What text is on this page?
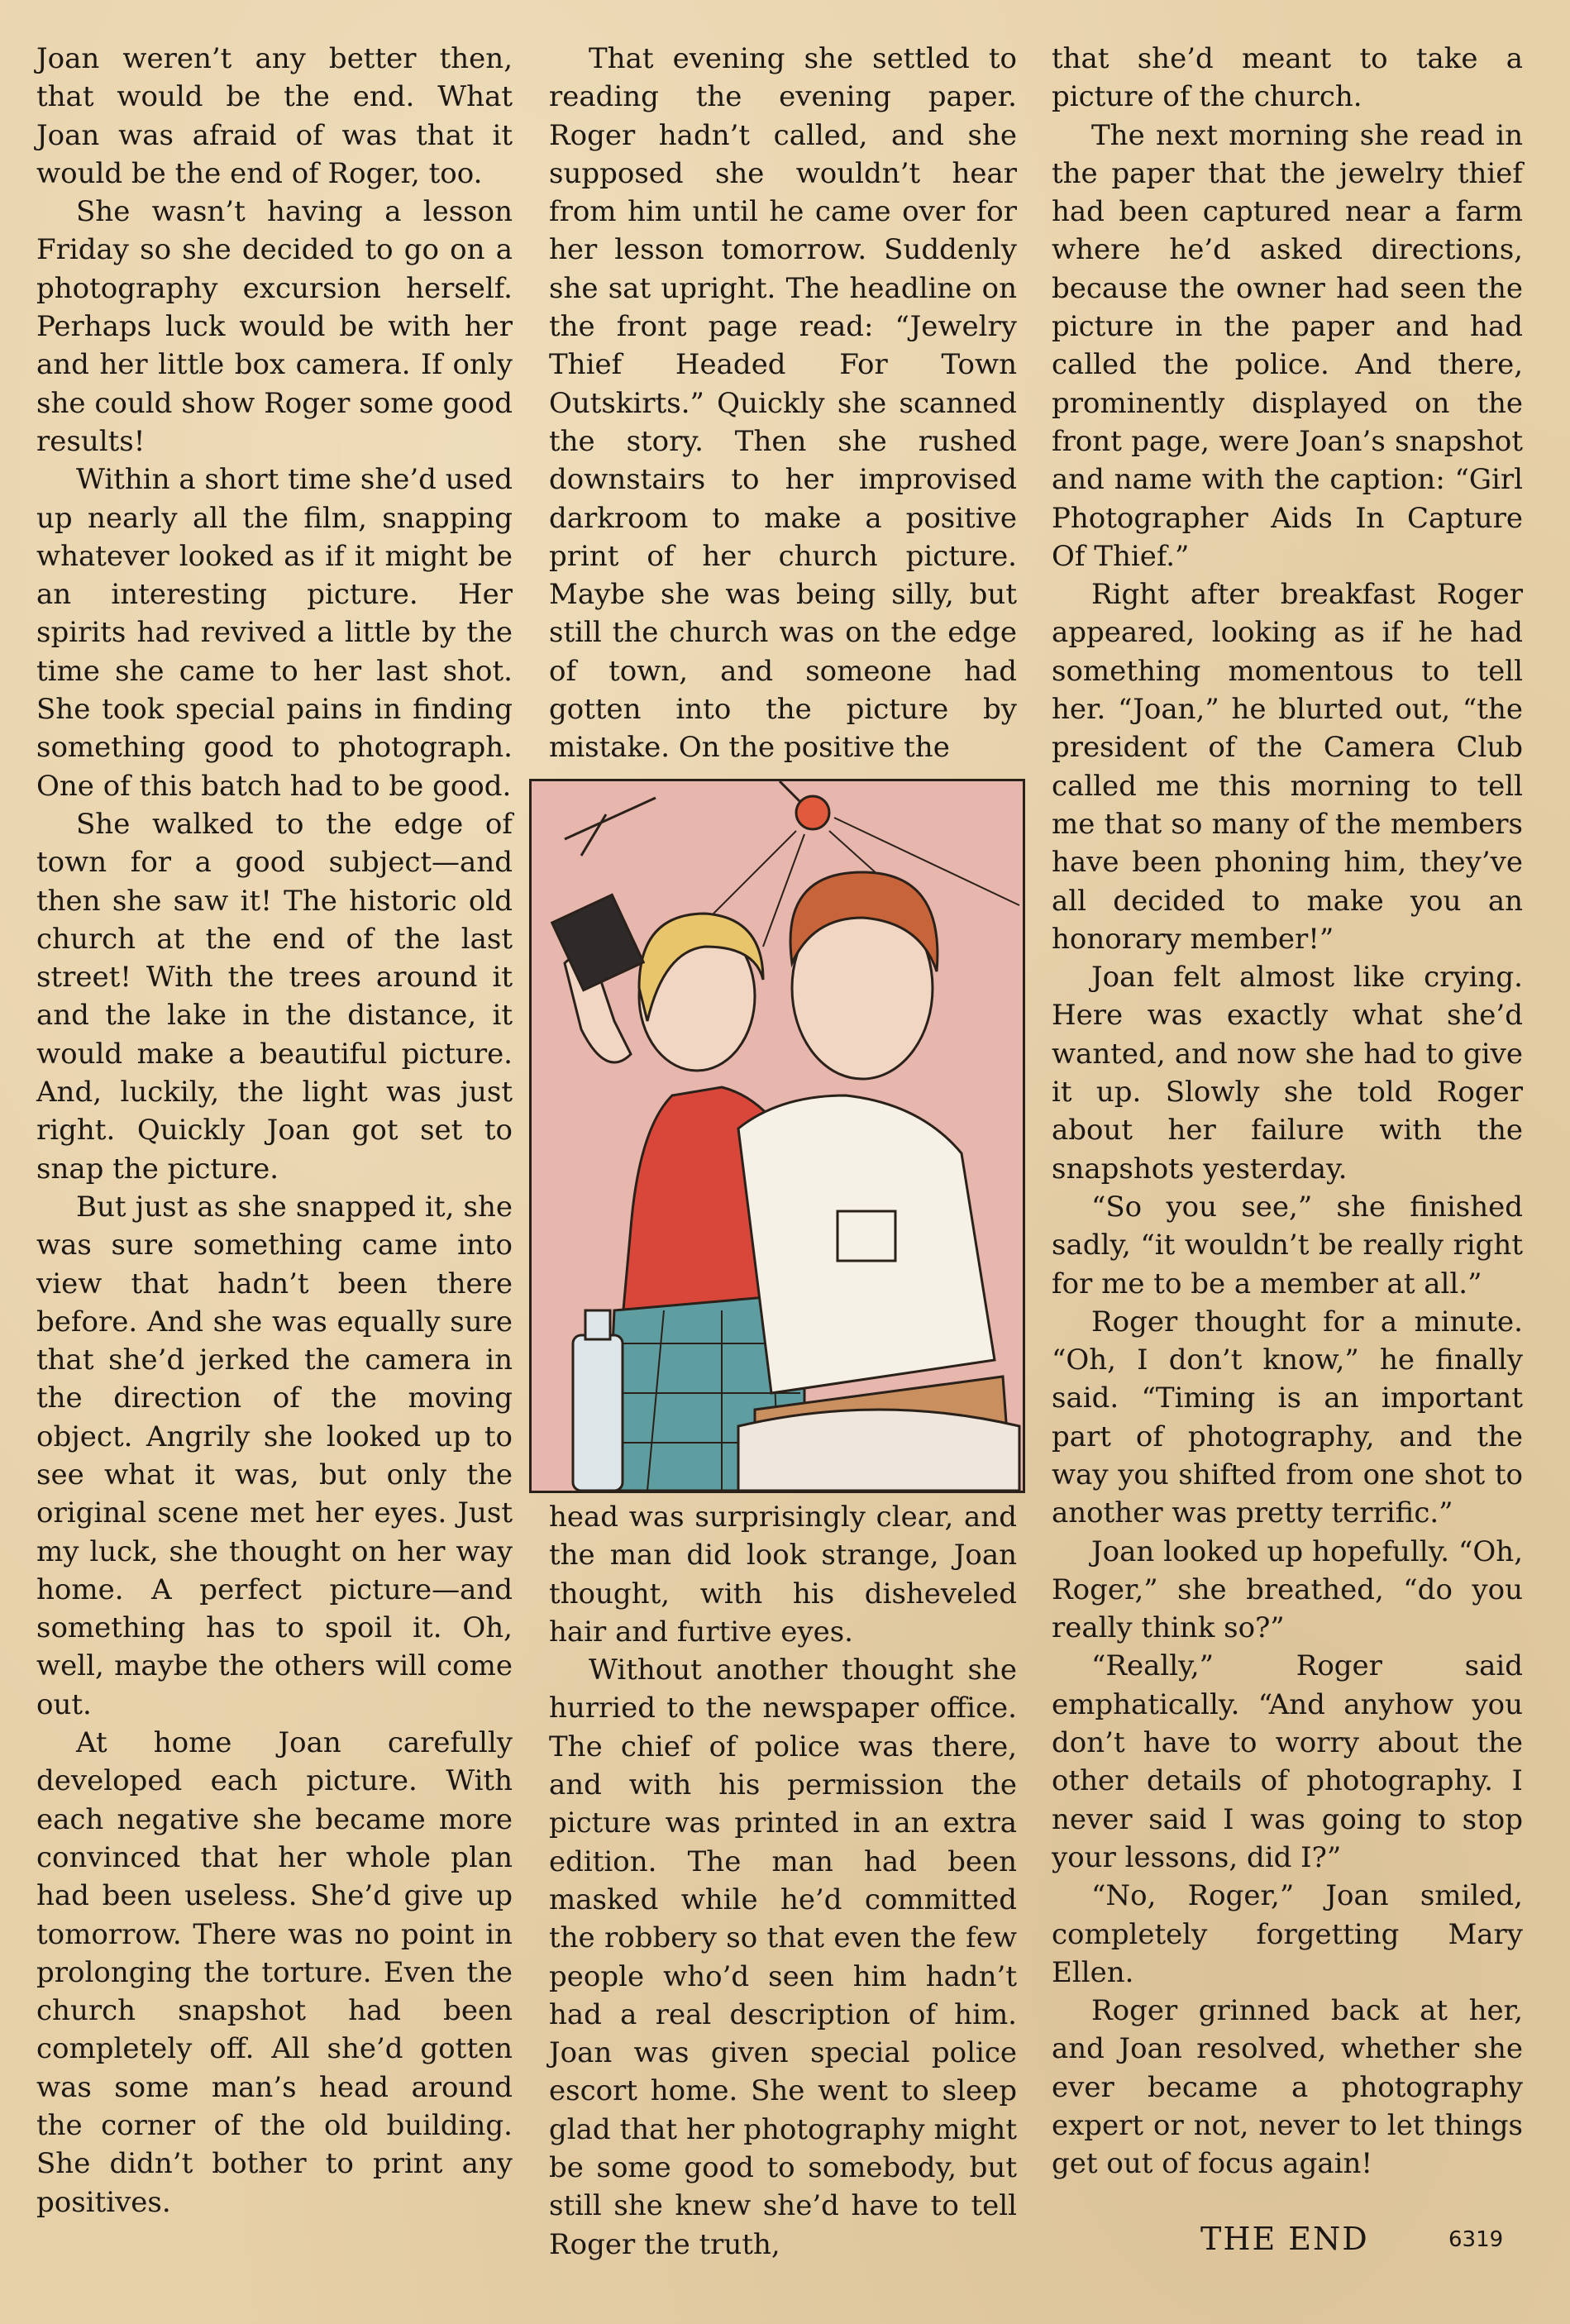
Joan weren’t any better then, that would be the end. What Joan was afraid of was that it would be the end of Roger, too.

She wasn’t having a lesson Friday so she decided to go on a photography excursion herself. Perhaps luck would be with her and her little box camera. If only she could show Roger some good results!

Within a short time she’d used up nearly all the film, snapping whatever looked as if it might be an interesting picture. Her spirits had revived a little by the time she came to her last shot. She took special pains in finding something good to photograph. One of this batch had to be good.

She walked to the edge of town for a good subject—and then she saw it! The historic old church at the end of the last street! With the trees around it and the lake in the distance, it would make a beautiful picture. And, luckily, the light was just right. Quickly Joan got set to snap the picture.

But just as she snapped it, she was sure something came into view that hadn’t been there before. And she was equally sure that she’d jerked the camera in the direction of the moving object. Angrily she looked up to see what it was, but only the original scene met her eyes. Just my luck, she thought on her way home. A perfect picture—and something has to spoil it. Oh, well, maybe the others will come out.

At home Joan carefully developed each picture. With each negative she became more convinced that her whole plan had been useless. She’d give up tomorrow. There was no point in prolonging the torture. Even the church snapshot had been completely off. All she’d gotten was some man’s head around the corner of the old building. She didn’t bother to print any positives.

That evening she settled to reading the evening paper. Roger hadn’t called, and she supposed she wouldn’t hear from him until he came over for her lesson tomorrow. Suddenly she sat upright. The headline on the front page read: “Jewelry Thief Headed For Town Outskirts.” Quickly she scanned the story. Then she rushed downstairs to her improvised darkroom to make a positive print of her church picture. Maybe she was being silly, but still the church was on the edge of town, and someone had gotten into the picture by mistake. On the positive the

head was surprisingly clear, and the man did look strange, Joan thought, with his disheveled hair and furtive eyes.

Without another thought she hurried to the newspaper office. The chief of police was there, and with his permission the picture was printed in an extra edition. The man had been masked while he’d committed the robbery so that even the few people who’d seen him hadn’t had a real description of him. Joan was given special police escort home. She went to sleep glad that her photography might be some good to somebody, but still she knew she’d have to tell Roger the truth,

that she’d meant to take a picture of the church.

The next morning she read in the paper that the jewelry thief had been captured near a farm where he’d asked directions, because the owner had seen the picture in the paper and had called the police. And there, prominently displayed on the front page, were Joan’s snapshot and name with the caption: “Girl Photographer Aids In Capture Of Thief.”

Right after breakfast Roger appeared, looking as if he had something momentous to tell her. “Joan,” he blurted out, “the president of the Camera Club called me this morning to tell me that so many of the members have been phoning him, they’ve all decided to make you an honorary member!”

Joan felt almost like crying. Here was exactly what she’d wanted, and now she had to give it up. Slowly she told Roger about her failure with the snapshots yesterday.

“So you see,” she finished sadly, “it wouldn’t be really right for me to be a member at all.”

Roger thought for a minute. “Oh, I don’t know,” he finally said. “Timing is an important part of photography, and the way you shifted from one shot to another was pretty terrific.”

Joan looked up hopefully. “Oh, Roger,” she breathed, “do you really think so?”

“Really,” Roger said emphatically. “And anyhow you don’t have to worry about the other details of photography. I never said I was going to stop your lessons, did I?”

“No, Roger,” Joan smiled, completely forgetting Mary Ellen.

Roger grinned back at her, and Joan resolved, whether she ever became a photography expert or not, never to let things get out of focus again!

THE END	6319
